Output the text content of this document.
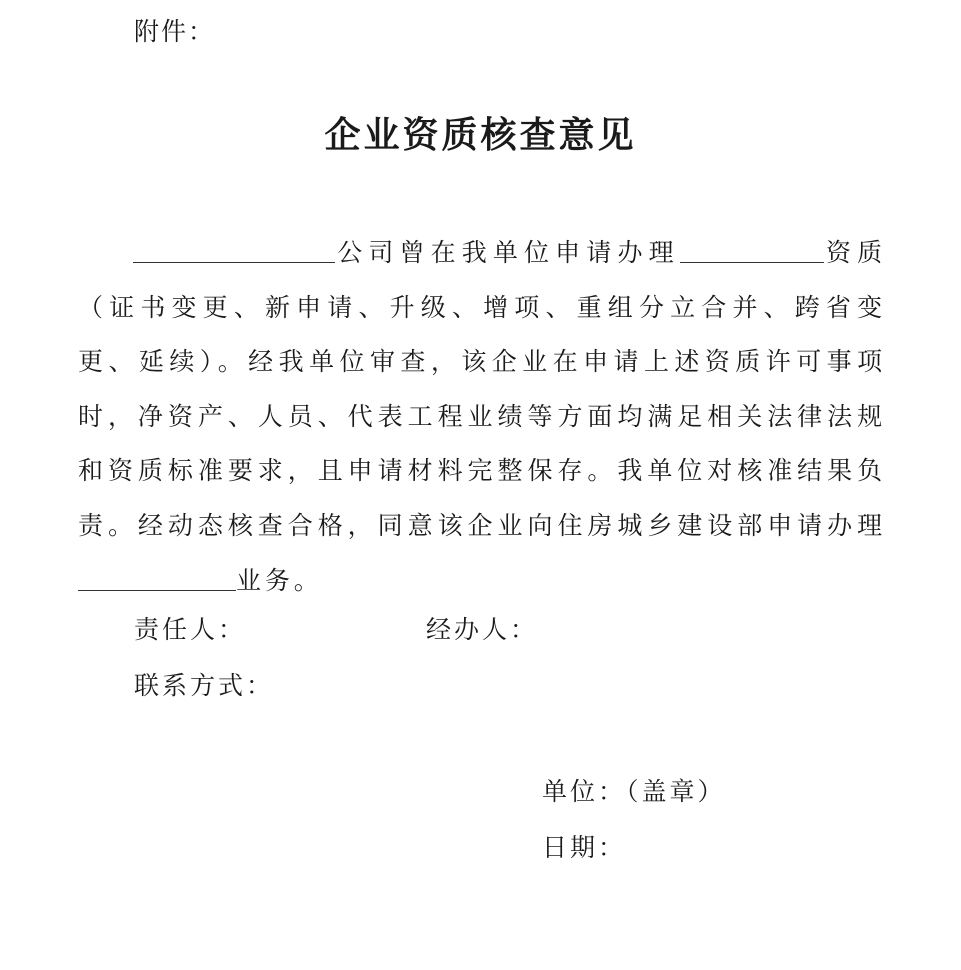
附件：
企业资质核查意见
公司曾在我单位申请办理	资质（证书变更、新申请、升级、增项、重组分立合并、跨省变更、延续）。经我单位审查，该企业在申请上述资质许可事项时，净资产、人员、代表工程业绩等方面均满足相关法律法规和资质标准要求，且申请材料完整保存。我单位对核准结果负责。经动态核查合格，同意该企业向住房城乡建设部申请办理业务。
责任人：	经办人：
联系方式：
单位：（盖章）
日期：
